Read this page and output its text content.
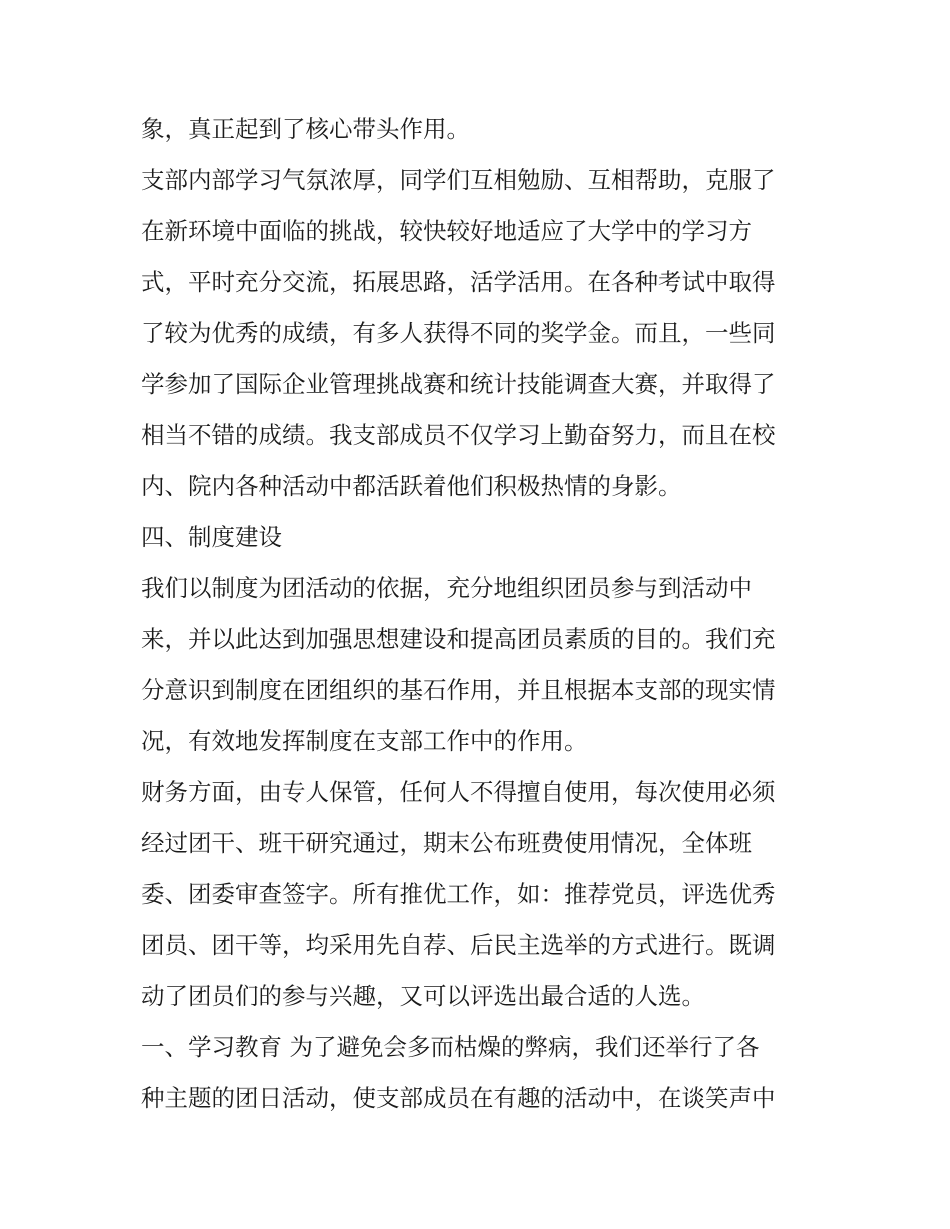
象，真正起到了核心带头作用。
支部内部学习气氛浓厚，同学们互相勉励、互相帮助，克服了
在新环境中面临的挑战，较快较好地适应了大学中的学习方
式，平时充分交流，拓展思路，活学活用。在各种考试中取得
了较为优秀的成绩，有多人获得不同的奖学金。而且，一些同
学参加了国际企业管理挑战赛和统计技能调查大赛，并取得了
相当不错的成绩。我支部成员不仅学习上勤奋努力，而且在校
内、院内各种活动中都活跃着他们积极热情的身影。
四、制度建设
我们以制度为团活动的依据，充分地组织团员参与到活动中
来，并以此达到加强思想建设和提高团员素质的目的。我们充
分意识到制度在团组织的基石作用，并且根据本支部的现实情
况，有效地发挥制度在支部工作中的作用。
财务方面，由专人保管，任何人不得擅自使用，每次使用必须
经过团干、班干研究通过，期末公布班费使用情况，全体班
委、团委审查签字。所有推优工作，如：推荐党员，评选优秀
团员、团干等，均采用先自荐、后民主选举的方式进行。既调
动了团员们的参与兴趣，又可以评选出最合适的人选。
一、学习教育 为了避免会多而枯燥的弊病，我们还举行了各
种主题的团日活动，使支部成员在有趣的活动中，在谈笑声中
